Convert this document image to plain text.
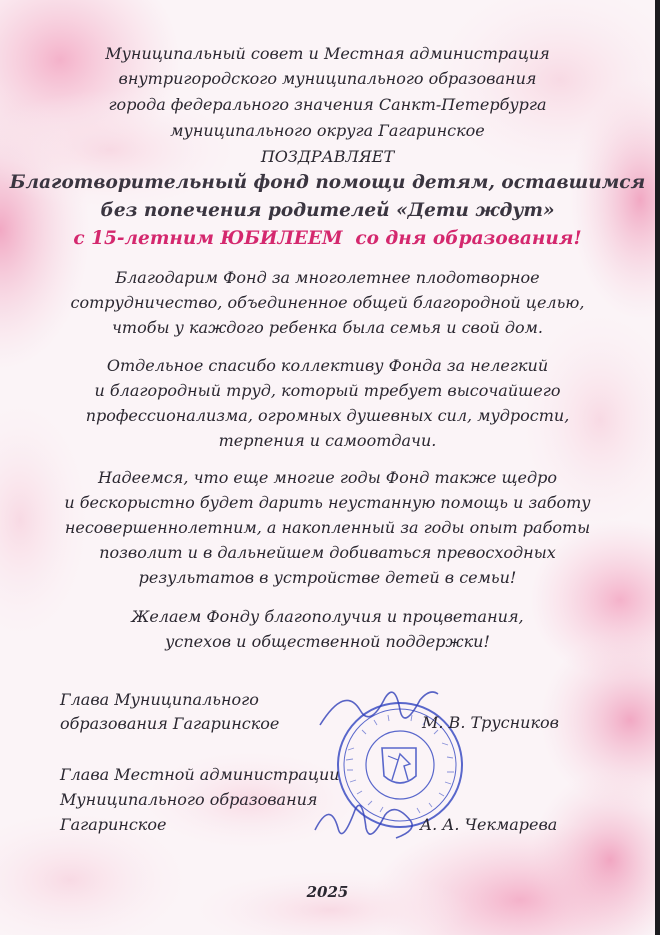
Муниципальный совет и Местная администрация
внутригородского муниципального образования
города федерального значения Санкт-Петербурга
муниципального округа Гагаринское
ПОЗДРАВЛЯЕТ
Благотворительный фонд помощи детям, оставшимся
без попечения родителей «Дети ждут»
с 15-летним ЮБИЛЕЕМ  со дня образования!
Благодарим Фонд за многолетнее плодотворное
сотрудничество, объединенное общей благородной целью,
чтобы у каждого ребенка была семья и свой дом.
Отдельное спасибо коллективу Фонда за нелегкий
и благородный труд, который требует высочайшего
профессионализма, огромных душевных сил, мудрости,
терпения и самоотдачи.
Надеемся, что еще многие годы Фонд также щедро
и бескорыстно будет дарить неустанную помощь и заботу
несовершеннолетним, а накопленный за годы опыт работы
позволит и в дальнейшем добиваться превосходных
результатов в устройстве детей в семьи!
Желаем Фонду благополучия и процветания,
успехов и общественной поддержки!
Глава Муниципального
образования Гагаринское	М. В. Трусников
Глава Местной администрации
Муниципального образования
Гагаринское	А. А. Чекмарева
2025
